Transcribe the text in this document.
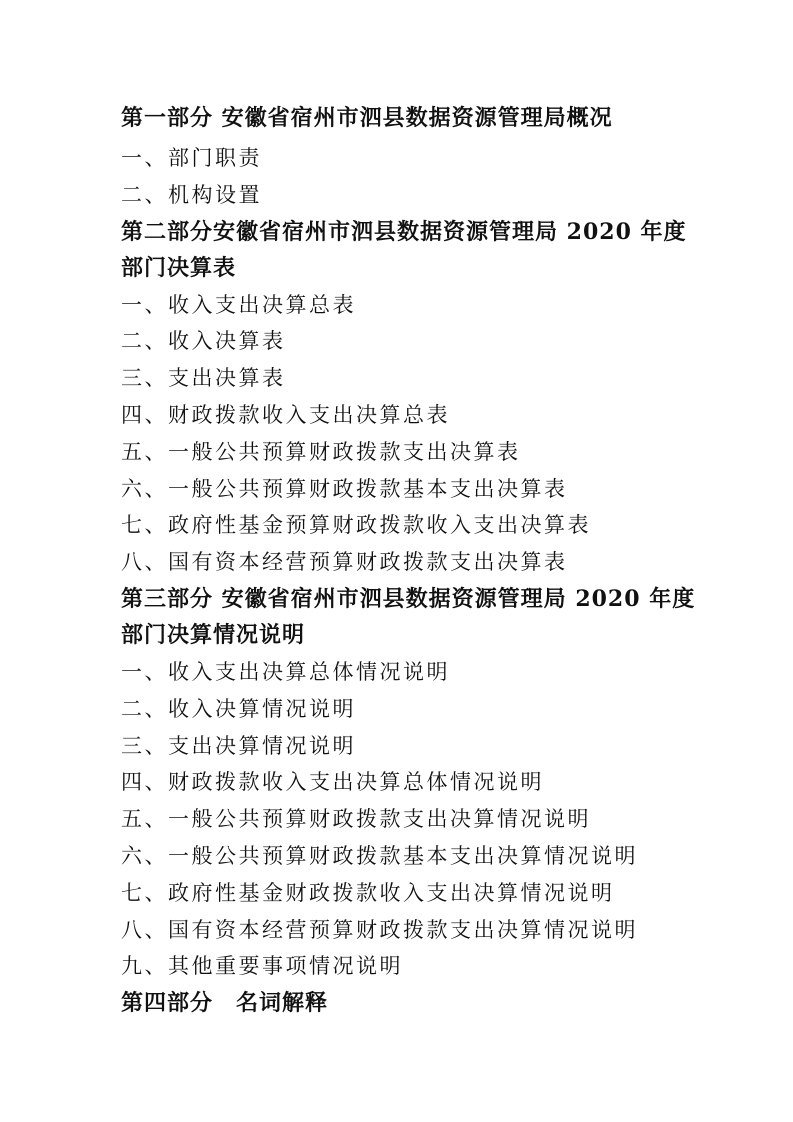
第一部分 安徽省宿州市泗县数据资源管理局概况

一、部门职责

二、机构设置

第二部分安徽省宿州市泗县数据资源管理局 2020 年度部门决算表

一、收入支出决算总表

二、收入决算表

三、支出决算表

四、财政拨款收入支出决算总表

五、一般公共预算财政拨款支出决算表

六、一般公共预算财政拨款基本支出决算表

七、政府性基金预算财政拨款收入支出决算表

八、国有资本经营预算财政拨款支出决算表

第三部分 安徽省宿州市泗县数据资源管理局 2020 年度部门决算情况说明

一、收入支出决算总体情况说明

二、收入决算情况说明

三、支出决算情况说明

四、财政拨款收入支出决算总体情况说明

五、一般公共预算财政拨款支出决算情况说明

六、一般公共预算财政拨款基本支出决算情况说明

七、政府性基金财政拨款收入支出决算情况说明

八、国有资本经营预算财政拨款支出决算情况说明

九、其他重要事项情况说明

第四部分　名词解释
